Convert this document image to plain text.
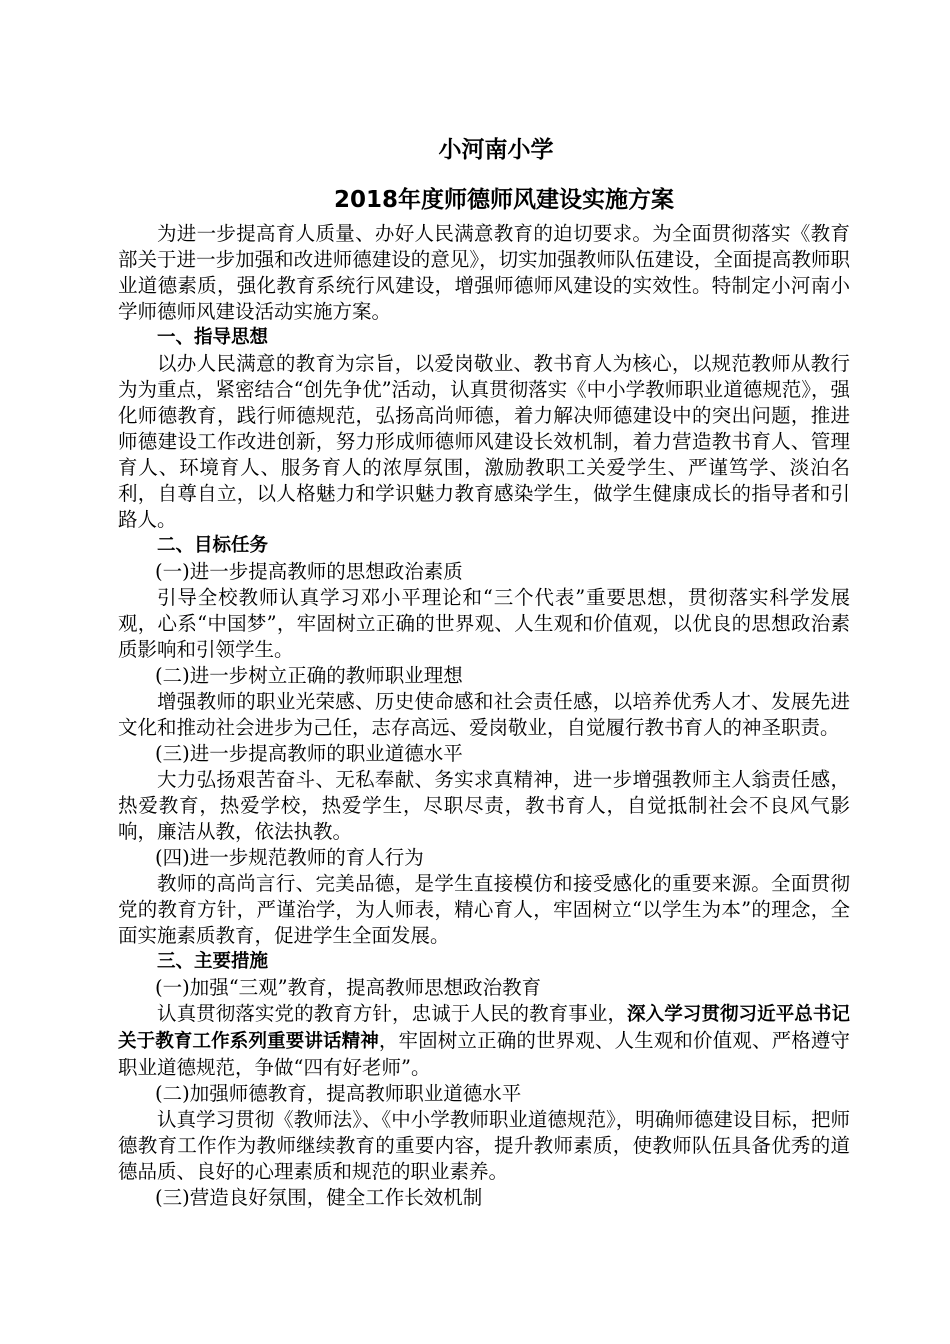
小河南小学
2018年度师德师风建设实施方案

为进一步提高育人质量、办好人民满意教育的迫切要求。为全面贯彻落实《教育部关于进一步加强和改进师德建设的意见》，切实加强教师队伍建设，全面提高教师职业道德素质，强化教育系统行风建设，增强师德师风建设的实效性。特制定小河南小学师德师风建设活动实施方案。

一、指导思想

以办人民满意的教育为宗旨，以爱岗敬业、教书育人为核心，以规范教师从教行为为重点，紧密结合“创先争优”活动，认真贯彻落实《中小学教师职业道德规范》，强化师德教育，践行师德规范，弘扬高尚师德，着力解决师德建设中的突出问题，推进师德建设工作改进创新，努力形成师德师风建设长效机制，着力营造教书育人、管理育人、环境育人、服务育人的浓厚氛围，激励教职工关爱学生、严谨笃学、淡泊名利，自尊自立，以人格魅力和学识魅力教育感染学生，做学生健康成长的指导者和引路人。

二、目标任务

(一)进一步提高教师的思想政治素质

引导全校教师认真学习邓小平理论和“三个代表”重要思想，贯彻落实科学发展观，心系“中国梦”，牢固树立正确的世界观、人生观和价值观，以优良的思想政治素质影响和引领学生。

(二)进一步树立正确的教师职业理想

增强教师的职业光荣感、历史使命感和社会责任感，以培养优秀人才、发展先进文化和推动社会进步为己任，志存高远、爱岗敬业，自觉履行教书育人的神圣职责。

(三)进一步提高教师的职业道德水平

大力弘扬艰苦奋斗、无私奉献、务实求真精神，进一步增强教师主人翁责任感，热爱教育，热爱学校，热爱学生，尽职尽责，教书育人，自觉抵制社会不良风气影响，廉洁从教，依法执教。

(四)进一步规范教师的育人行为

教师的高尚言行、完美品德，是学生直接模仿和接受感化的重要来源。全面贯彻党的教育方针，严谨治学，为人师表，精心育人，牢固树立“以学生为本”的理念，全面实施素质教育，促进学生全面发展。

三、主要措施

(一)加强“三观”教育，提高教师思想政治教育

认真贯彻落实党的教育方针，忠诚于人民的教育事业，深入学习贯彻习近平总书记关于教育工作系列重要讲话精神，牢固树立正确的世界观、人生观和价值观、严格遵守职业道德规范，争做“四有好老师”。

(二)加强师德教育，提高教师职业道德水平

认真学习贯彻《教师法》、《中小学教师职业道德规范》，明确师德建设目标，把师德教育工作作为教师继续教育的重要内容，提升教师素质，使教师队伍具备优秀的道德品质、良好的心理素质和规范的职业素养。

(三)营造良好氛围，健全工作长效机制
